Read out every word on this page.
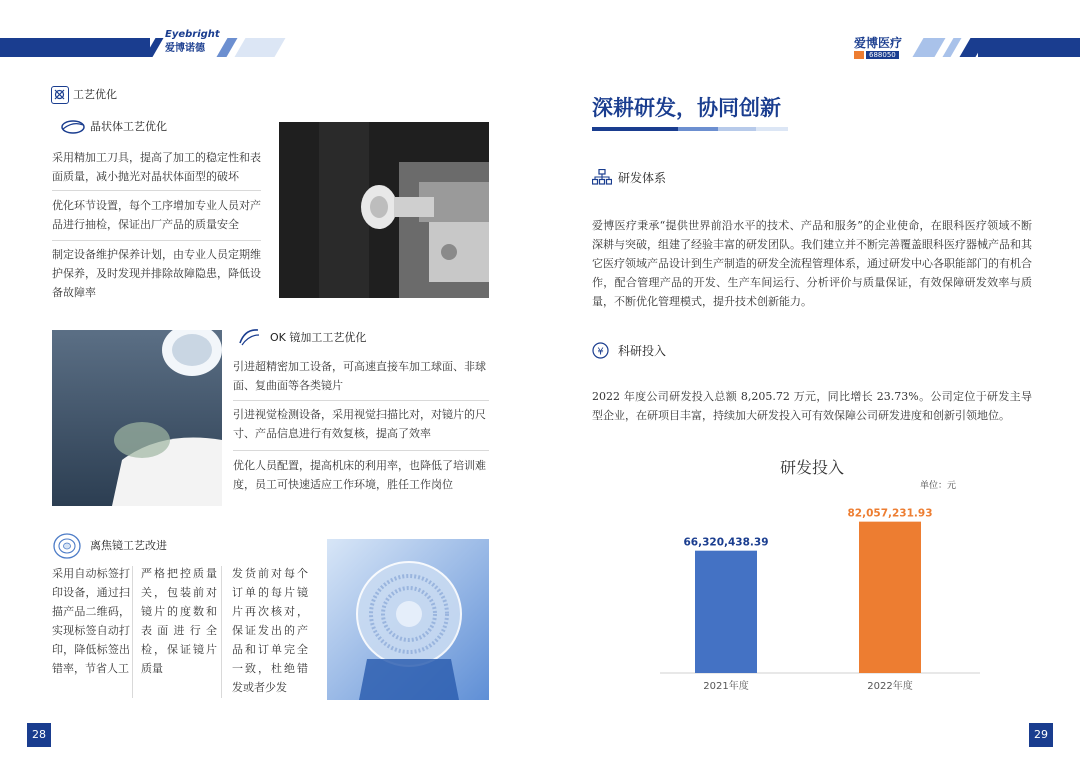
Eyebright
爱博诺德	爱博医疗
688050
工艺优化
晶状体工艺优化
采用精加工刀具，提高了加工的稳定性和表面质量，减小抛光对晶状体面型的破坏
优化环节设置，每个工序增加专业人员对产品进行抽检，保证出厂产品的质量安全
制定设备维护保养计划，由专业人员定期维护保养，及时发现并排除故障隐患，降低设备故障率
OK 镜加工工艺优化
引进超精密加工设备，可高速直接车加工球面、非球面、复曲面等各类镜片
引进视觉检测设备，采用视觉扫描比对，对镜片的尺寸、产品信息进行有效复核，提高了效率
优化人员配置，提高机床的利用率，也降低了培训难度，员工可快速适应工作环境，胜任工作岗位
离焦镜工艺改进
采用自动标签打印设备，通过扫描产品二维码，实现标签自动打印，降低标签出错率，节省人工
严格把控质量关，包装前对镜片的度数和表面进行全检，保证镜片质量
发货前对每个订单的每片镜片再次核对，保证发出的产品和订单完全一致，杜绝错发或者少发
28
深耕研发，协同创新
研发体系
爱博医疗秉承“提供世界前沿水平的技术、产品和服务”的企业使命，在眼科医疗领域不断深耕与突破，组建了经验丰富的研发团队。我们建立并不断完善覆盖眼科医疗器械产品和其它医疗领域产品设计到生产制造的研发全流程管理体系，通过研发中心各职能部门的有机合作，配合管理产品的开发、生产车间运行、分析评价与质量保证，有效保障研发效率与质量，不断优化管理模式，提升技术创新能力。
¥ 科研投入
2022 年度公司研发投入总额 8,205.72 万元，同比增长 23.73%。公司定位于研发主导型企业，在研项目丰富，持续加大研发投入可有效保障公司研发进度和创新引领地位。
研发投入
单位：元
66,320,438.39
2021年度
82,057,231.93
2022年度
29
